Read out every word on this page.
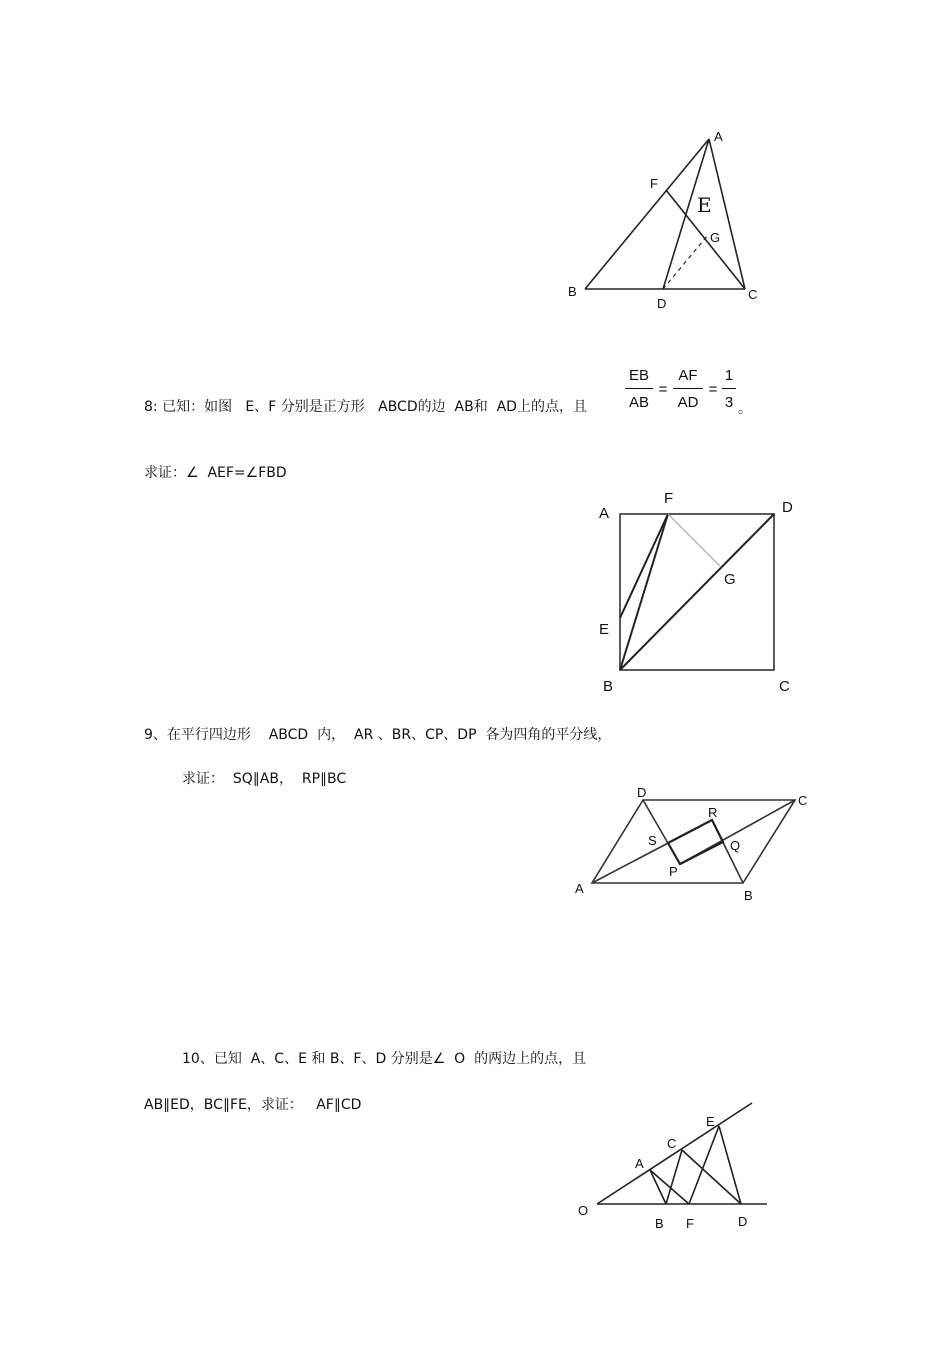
A
B	C
D
E
F
G
8: 已知：如图   E、F 分别是正方形   ABCD的边  AB和  AD上的点，且
EB
AB
=
AF
AD
=
1
3 。
求证：∠  AEF=∠FBD
A
B	C
D
E
F
G
9、在平行四边形    ABCD  内，  AR 、BR、CP、DP  各为四角的平分线，
求证：  SQ∥AB，  RP∥BC
A	B
C
D
P
Q
R
S
10、已知  A、C、E 和 B、F、D 分别是∠  O  的两边上的点，且
AB∥ED，BC∥FE，求证：   AF∥CD
O
A
B
C
D
E
F
